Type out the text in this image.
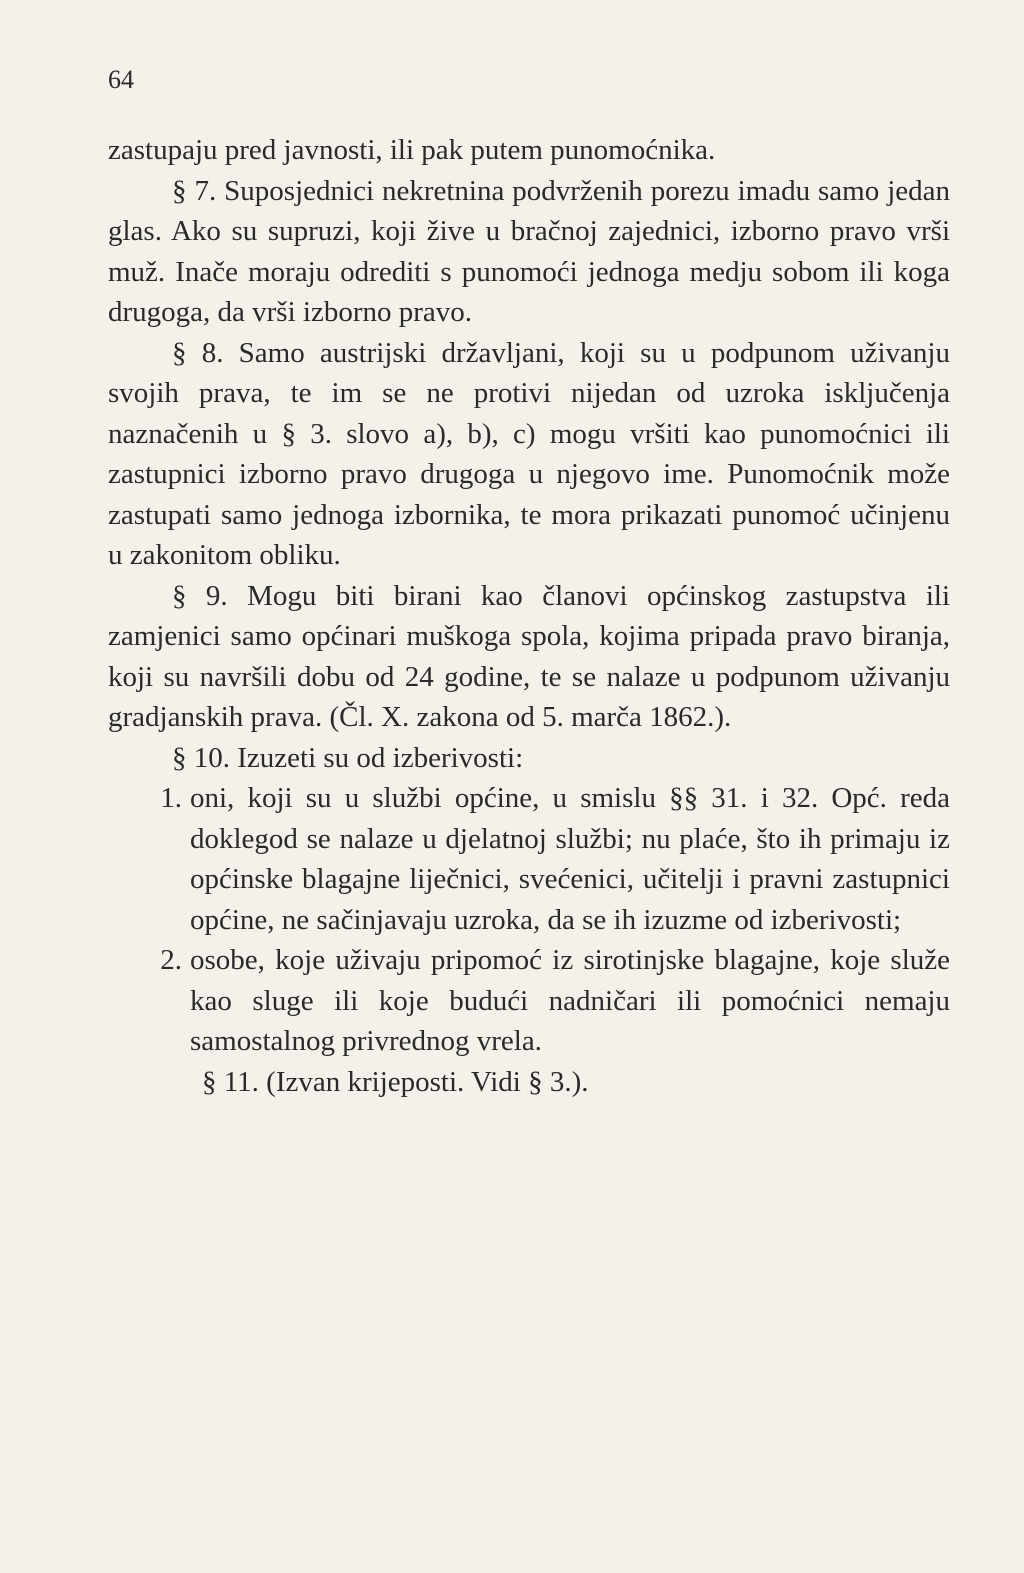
64

zastupaju pred javnosti, ili pak putem punomoćnika.

§ 7. Suposjednici nekretnina podvrženih porezu imadu samo jedan glas. Ako su supruzi, koji žive u bračnoj zajednici, izborno pravo vrši muž. Inače moraju odrediti s punomoći jednoga medju sobom ili koga drugoga, da vrši izborno pravo.

§ 8. Samo austrijski državljani, koji su u podpunom uživanju svojih prava, te im se ne protivi nijedan od uzroka isključenja naznačenih u § 3. slovo a), b), c) mogu vršiti kao punomoćnici ili zastupnici izborno pravo drugoga u njegovo ime. Punomoćnik može zastupati samo jednoga izbornika, te mora prikazati punomoć učinjenu u zakonitom obliku.

§ 9. Mogu biti birani kao članovi općinskog zastupstva ili zamjenici samo općinari muškoga spola, kojima pripada pravo biranja, koji su navršili dobu od 24 godine, te se nalaze u podpunom uživanju gradjanskih prava. (Čl. X. zakona od 5. marča 1862.).

§ 10. Izuzeti su od izberivosti:

1. oni, koji su u službi općine, u smislu §§ 31. i 32. Opć. reda doklegod se nalaze u djelatnoj službi; nu plaće, što ih primaju iz općinske blagajne liječnici, svećenici, učitelji i pravni zastupnici općine, ne sačinjavaju uzroka, da se ih izuzme od izberivosti;
2. osobe, koje uživaju pripomoć iz sirotinjske blagajne, koje služe kao sluge ili koje budući nadničari ili pomoćnici nemaju samostalnog privrednog vrela.

§ 11. (Izvan krijeposti. Vidi § 3.).
